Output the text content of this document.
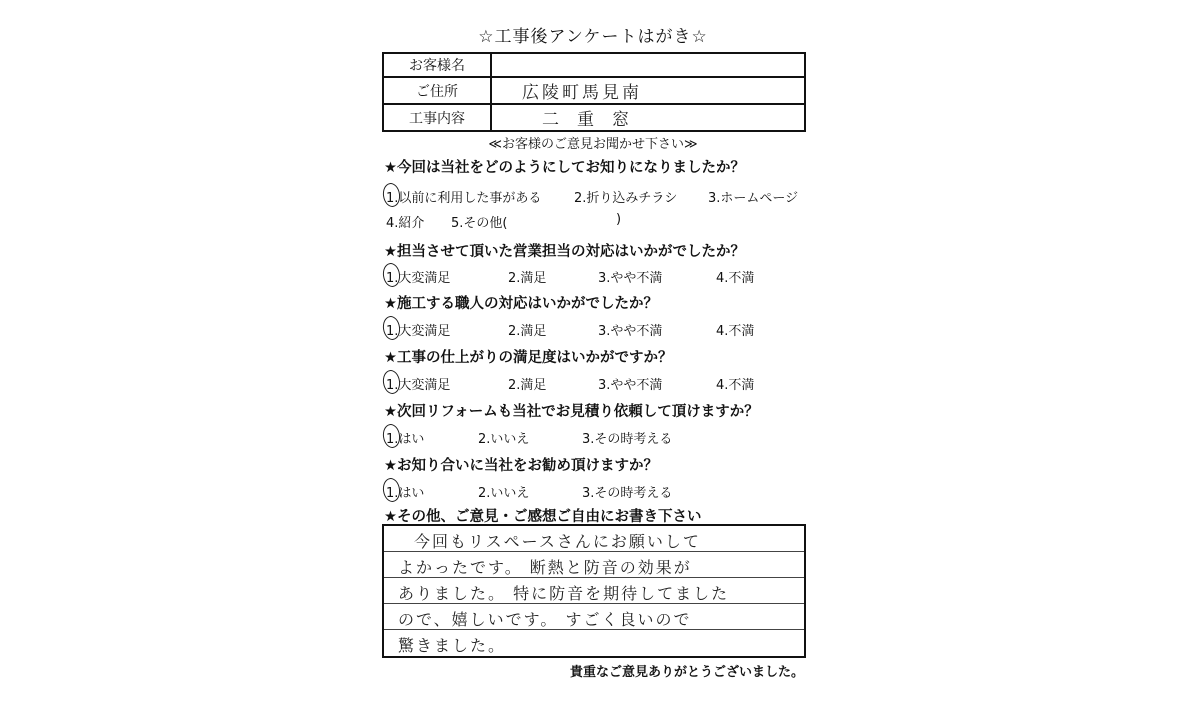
☆工事後アンケートはがき☆
お客様名	
ご住所	広陵町馬見南
工事内容	二重窓
≪お客様のご意見お聞かせ下さい≫
★今回は当社をどのようにしてお知りになりましたか？
1.以前に利用した事がある	2.折り込みチラシ 3.ホームページ
4.紹介 5.その他(	)
★担当させて頂いた営業担当の対応はいかがでしたか？
1.大変満足	2.満足	3.やや不満	4.不満
★施工する職人の対応はいかがでしたか？
1.大変満足	2.満足	3.やや不満	4.不満
★工事の仕上がりの満足度はいかがですか？
1.大変満足	2.満足	3.やや不満	4.不満
★次回リフォームも当社でお見積り依頼して頂けますか？
1.はい	2.いいえ	3.その時考える
★お知り合いに当社をお勧め頂けますか？
1.はい	2.いいえ	3.その時考える
★その他、ご意見・ご感想ご自由にお書き下さい
今回もリスペースさんにお願いして
よかったです。 断熱と防音の効果が
ありました。 特に防音を期待してました
ので、嬉しいです。 すごく良いので
驚きました。
貴重なご意見ありがとうございました。
